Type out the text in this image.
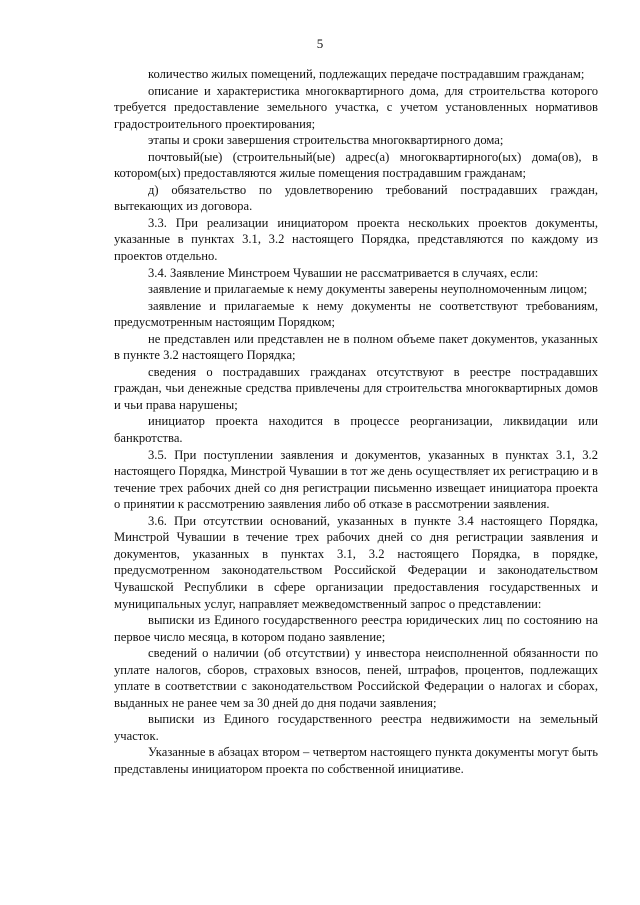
5

количество жилых помещений, подлежащих передаче пострадавшим гражданам;

описание и характеристика многоквартирного дома, для строительства которого требуется предоставление земельного участка, с учетом установленных нормативов градостроительного проектирования;

этапы и сроки завершения строительства многоквартирного дома;

почтовый(ые) (строительный(ые) адрес(а) многоквартирного(ых) дома(ов), в котором(ых) предоставляются жилые помещения пострадавшим гражданам;

д) обязательство по удовлетворению требований пострадавших граждан, вытекающих из договора.

3.3. При реализации инициатором проекта нескольких проектов документы, указанные в пунктах 3.1, 3.2 настоящего Порядка, представляются по каждому из проектов отдельно.

3.4. Заявление Минстроем Чувашии не рассматривается в случаях, если:

заявление и прилагаемые к нему документы заверены неуполномоченным лицом;

заявление и прилагаемые к нему документы не соответствуют требованиям, предусмотренным настоящим Порядком;

не представлен или представлен не в полном объеме пакет документов, указанных в пункте 3.2 настоящего Порядка;

сведения о пострадавших гражданах отсутствуют в реестре пострадавших граждан, чьи денежные средства привлечены для строительства многоквартирных домов и чьи права нарушены;

инициатор проекта находится в процессе реорганизации, ликвидации или банкротства.

3.5. При поступлении заявления и документов, указанных в пунктах 3.1, 3.2 настоящего Порядка, Минстрой Чувашии в тот же день осуществляет их регистрацию и в течение трех рабочих дней со дня регистрации письменно извещает инициатора проекта о принятии к рассмотрению заявления либо об отказе в рассмотрении заявления.

3.6. При отсутствии оснований, указанных в пункте 3.4 настоящего Порядка, Минстрой Чувашии в течение трех рабочих дней со дня регистрации заявления и документов, указанных в пунктах 3.1, 3.2 настоящего Порядка, в порядке, предусмотренном законодательством Российской Федерации и законодательством Чувашской Республики в сфере организации предоставления государственных и муниципальных услуг, направляет межведомственный запрос о представлении:

выписки из Единого государственного реестра юридических лиц по состоянию на первое число месяца, в котором подано заявление;

сведений о наличии (об отсутствии) у инвестора неисполненной обязанности по уплате налогов, сборов, страховых взносов, пеней, штрафов, процентов, подлежащих уплате в соответствии с законодательством Российской Федерации о налогах и сборах, выданных не ранее чем за 30 дней до дня подачи заявления;

выписки из Единого государственного реестра недвижимости на земельный участок.

Указанные в абзацах втором – четвертом настоящего пункта документы могут быть представлены инициатором проекта по собственной инициативе.
